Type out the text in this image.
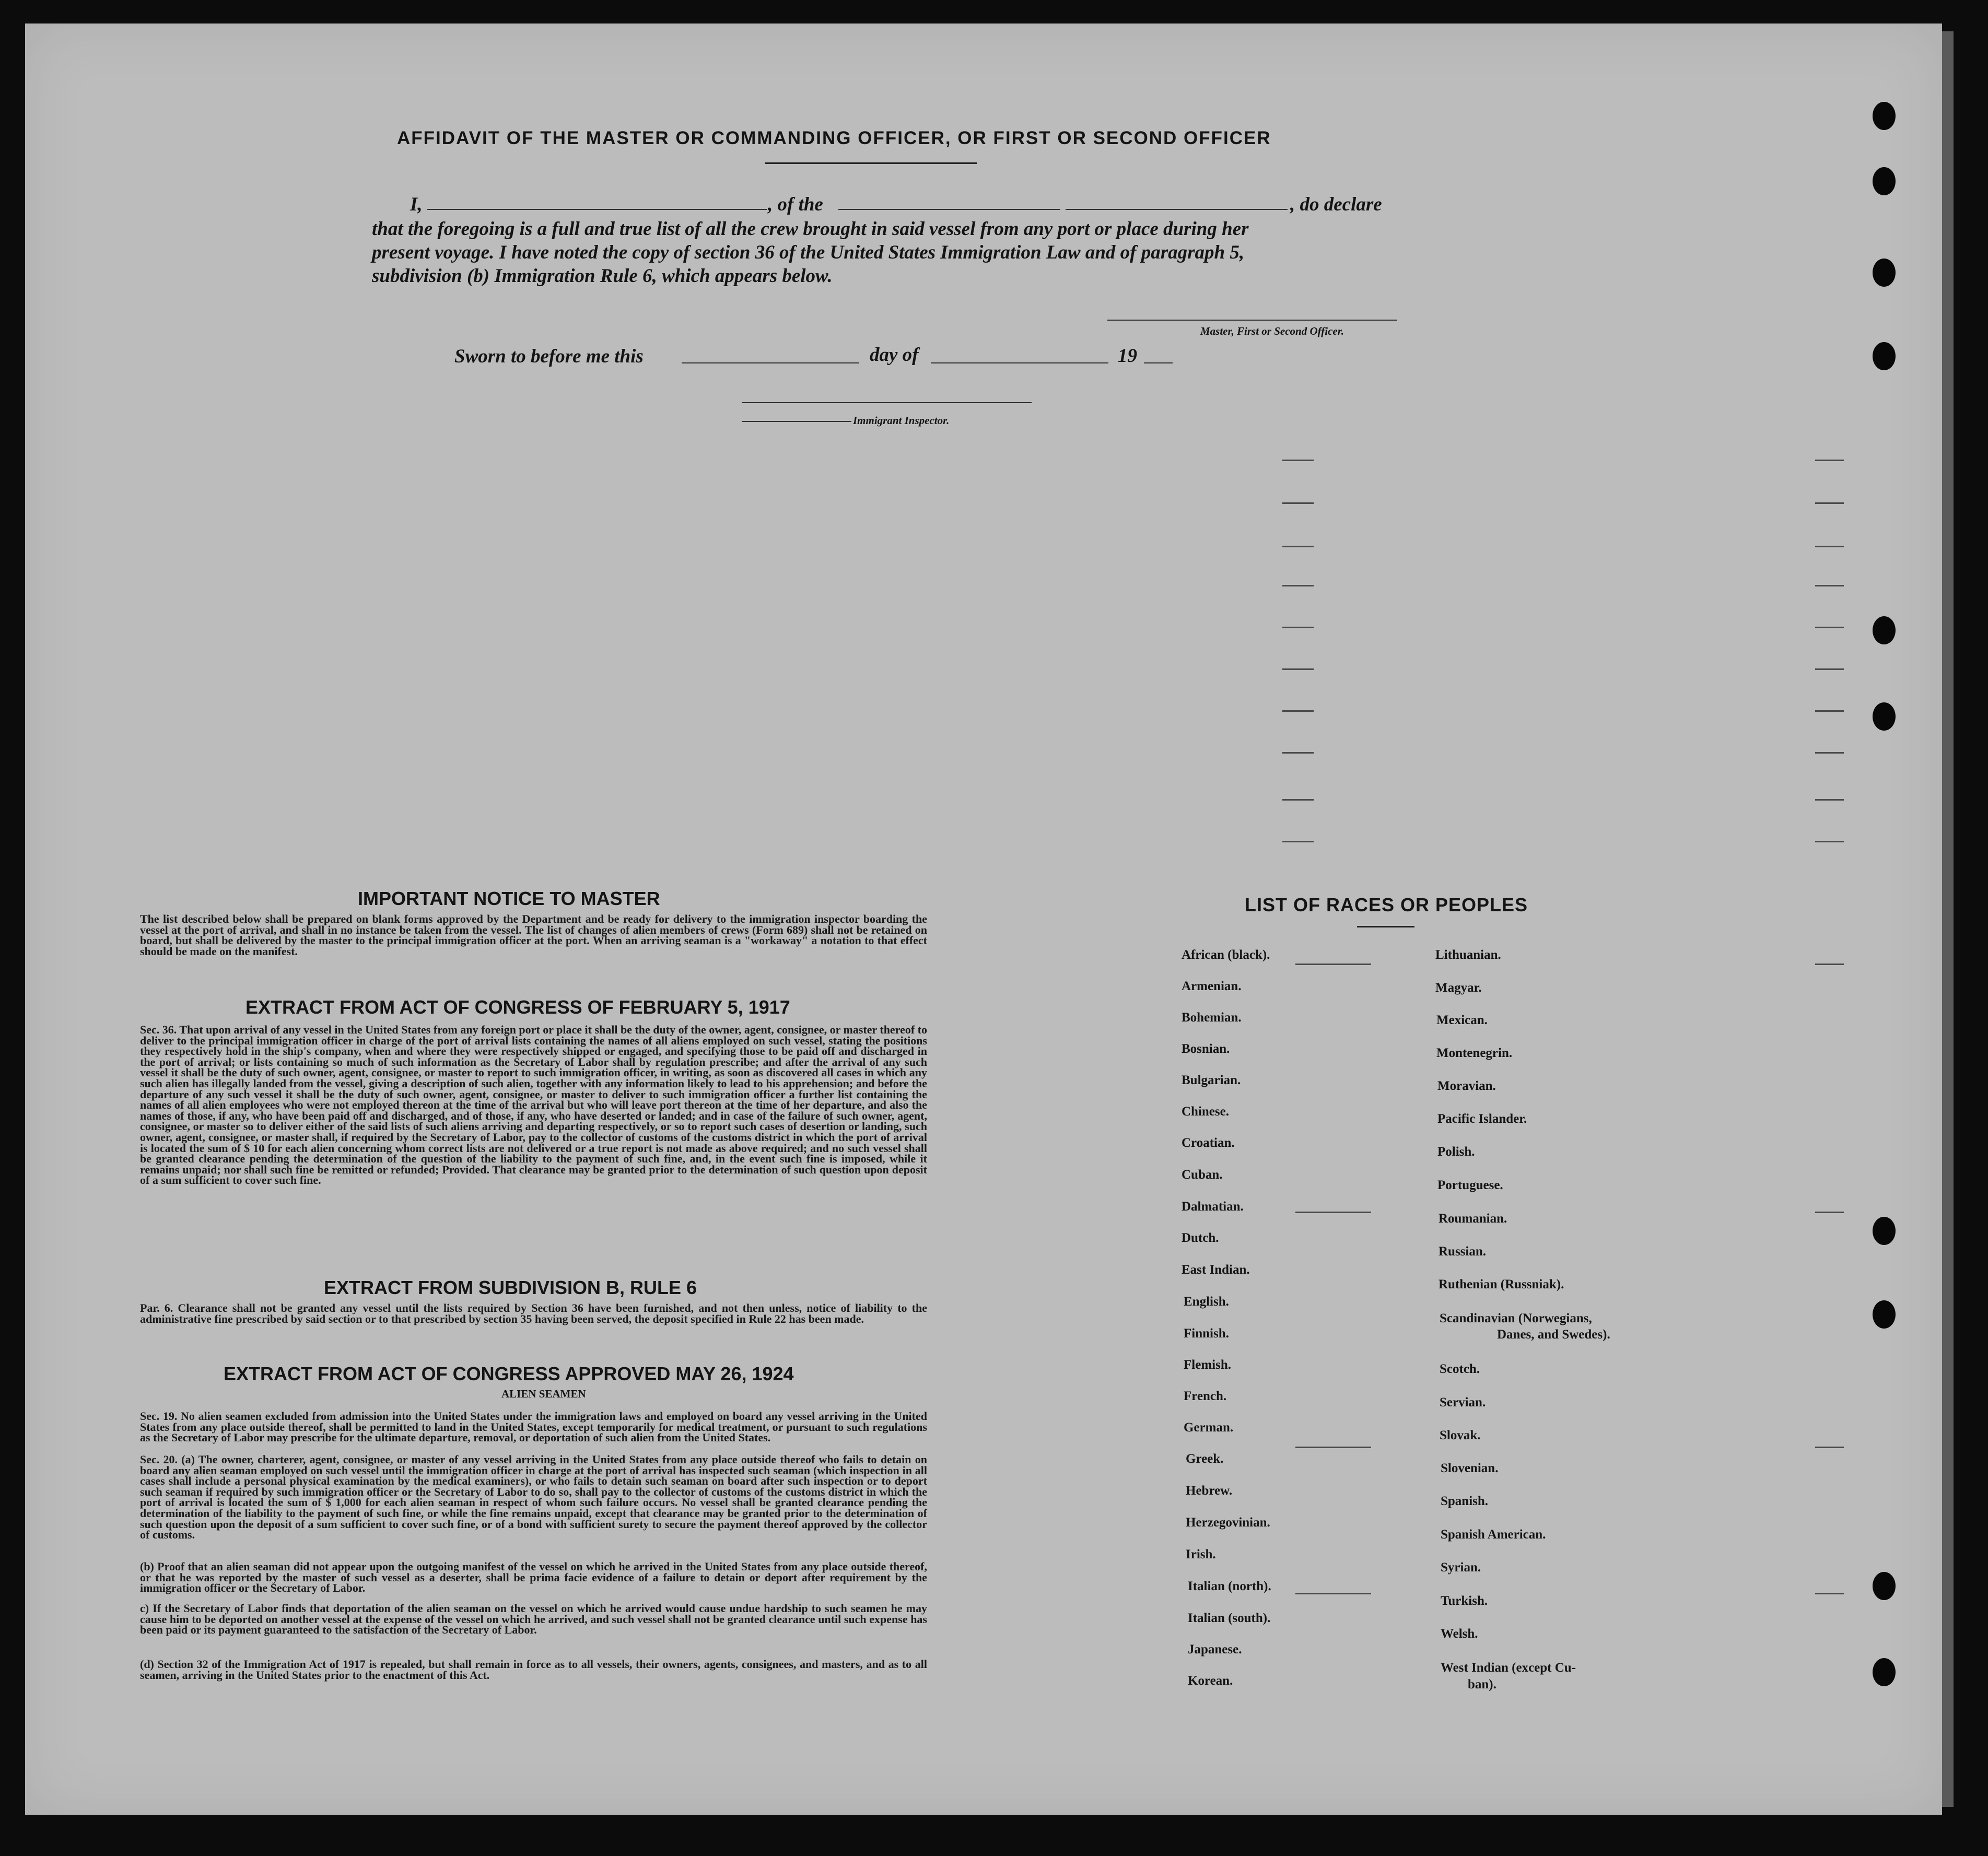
AFFIDAVIT OF THE MASTER OR COMMANDING OFFICER, OR FIRST OR SECOND OFFICER
I,	, of the	, do declare
that the foregoing is a full and true list of all the crew brought in said vessel from any port or place during her
present voyage. I have noted the copy of section 36 of the United States Immigration Law and of paragraph 5,
subdivision (b) Immigration Rule 6, which appears below.
Master, First or Second Officer.
Sworn to before me this	day of	19
Immigrant Inspector.
IMPORTANT NOTICE TO MASTER
The list described below shall be prepared on blank forms approved by the Department and be ready for delivery to the immigration inspector boarding the vessel at the port of arrival, and shall in no instance be taken from the vessel. The list of changes of alien members of crews (Form 689) shall not be retained on board, but shall be delivered by the master to the principal immigration officer at the port. When an arriving seaman is a "workaway" a notation to that effect should be made on the manifest.
EXTRACT FROM ACT OF CONGRESS OF FEBRUARY 5, 1917
Sec. 36. That upon arrival of any vessel in the United States from any foreign port or place it shall be the duty of the owner, agent, consignee, or master thereof to deliver to the principal immigration officer in charge of the port of arrival lists containing the names of all aliens employed on such vessel, stating the positions they respectively hold in the ship's company, when and where they were respectively shipped or engaged, and specifying those to be paid off and discharged in the port of arrival; or lists containing so much of such information as the Secretary of Labor shall by regulation prescribe; and after the arrival of any such vessel it shall be the duty of such owner, agent, consignee, or master to report to such immigration officer, in writing, as soon as discovered all cases in which any such alien has illegally landed from the vessel, giving a description of such alien, together with any information likely to lead to his apprehension; and before the departure of any such vessel it shall be the duty of such owner, agent, consignee, or master to deliver to such immigration officer a further list containing the names of all alien employees who were not employed thereon at the time of the arrival but who will leave port thereon at the time of her departure, and also the names of those, if any, who have been paid off and discharged, and of those, if any, who have deserted or landed; and in case of the failure of such owner, agent, consignee, or master so to deliver either of the said lists of such aliens arriving and departing respectively, or so to report such cases of desertion or landing, such owner, agent, consignee, or master shall, if required by the Secretary of Labor, pay to the collector of customs of the customs district in which the port of arrival is located the sum of $ 10 for each alien concerning whom correct lists are not delivered or a true report is not made as above required; and no such vessel shall be granted clearance pending the determination of the question of the liability to the payment of such fine, and, in the event such fine is imposed, while it remains unpaid; nor shall such fine be remitted or refunded; Provided. That clearance may be granted prior to the determination of such question upon deposit of a sum sufficient to cover such fine.
EXTRACT FROM SUBDIVISION B, RULE 6
Par. 6. Clearance shall not be granted any vessel until the lists required by Section 36 have been furnished, and not then unless, notice of liability to the administrative fine prescribed by said section or to that prescribed by section 35 having been served, the deposit specified in Rule 22 has been made.
EXTRACT FROM ACT OF CONGRESS APPROVED MAY 26, 1924
ALIEN SEAMEN
Sec. 19. No alien seamen excluded from admission into the United States under the immigration laws and employed on board any vessel arriving in the United States from any place outside thereof, shall be permitted to land in the United States, except temporarily for medical treatment, or pursuant to such regulations as the Secretary of Labor may prescribe for the ultimate departure, removal, or deportation of such alien from the United States.
Sec. 20. (a) The owner, charterer, agent, consignee, or master of any vessel arriving in the United States from any place outside thereof who fails to detain on board any alien seaman employed on such vessel until the immigration officer in charge at the port of arrival has inspected such seaman (which inspection in all cases shall include a personal physical examination by the medical examiners), or who fails to detain such seaman on board after such inspection or to deport such seaman if required by such immigration officer or the Secretary of Labor to do so, shall pay to the collector of customs of the customs district in which the port of arrival is located the sum of $ 1,000 for each alien seaman in respect of whom such failure occurs. No vessel shall be granted clearance pending the determination of the liability to the payment of such fine, or while the fine remains unpaid, except that clearance may be granted prior to the determination of such question upon the deposit of a sum sufficient to cover such fine, or of a bond with sufficient surety to secure the payment thereof approved by the collector of customs.
(b) Proof that an alien seaman did not appear upon the outgoing manifest of the vessel on which he arrived in the United States from any place outside thereof, or that he was reported by the master of such vessel as a deserter, shall be prima facie evidence of a failure to detain or deport after requirement by the immigration officer or the Secretary of Labor.
c) If the Secretary of Labor finds that deportation of the alien seaman on the vessel on which he arrived would cause undue hardship to such seamen he may cause him to be deported on another vessel at the expense of the vessel on which he arrived, and such vessel shall not be granted clearance until such expense has been paid or its payment guaranteed to the satisfaction of the Secretary of Labor.
(d) Section 32 of the Immigration Act of 1917 is repealed, but shall remain in force as to all vessels, their owners, agents, consignees, and masters, and as to all seamen, arriving in the United States prior to the enactment of this Act.
LIST OF RACES OR PEOPLES
African (black).
Armenian.
Bohemian.
Bosnian.
Bulgarian.
Chinese.
Croatian.
Cuban.
Dalmatian.
Dutch.
East Indian.
English.
Finnish.
Flemish.
French.
German.
Greek.
Hebrew.
Herzegovinian.
Irish.
Italian (north).
Italian (south).
Japanese.
Korean.
Lithuanian.
Magyar.
Mexican.
Montenegrin.
Moravian.
Pacific Islander.
Polish.
Portuguese.
Roumanian.
Russian.
Ruthenian (Russniak).
Scandinavian (Norwegians,
Danes, and Swedes).
Scotch.
Servian.
Slovak.
Slovenian.
Spanish.
Spanish American.
Syrian.
Turkish.
Welsh.
West Indian (except Cu-
ban).
